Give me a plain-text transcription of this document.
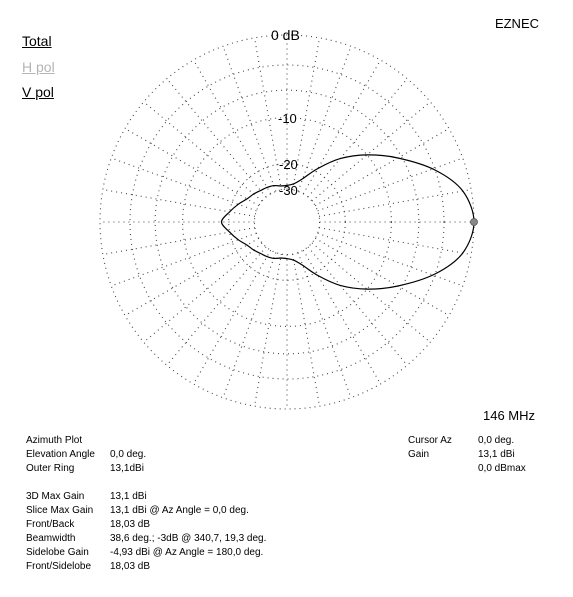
EZNEC
Total
H pol
V pol
0 dB
-10
-20
-30
146 MHz
Azimuth Plot
Elevation Angle	0,0 deg.
Outer Ring	13,1dBi
3D Max Gain	13,1 dBi
Slice Max Gain	13,1 dBi @ Az Angle = 0,0 deg.
Front/Back	18,03 dB
Beamwidth	38,6 deg.; -3dB @ 340,7, 19,3 deg.
Sidelobe Gain	-4,93 dBi @ Az Angle = 180,0 deg.
Front/Sidelobe	18,03 dB
Cursor Az	0,0 deg.
Gain	13,1 dBi
0,0 dBmax
